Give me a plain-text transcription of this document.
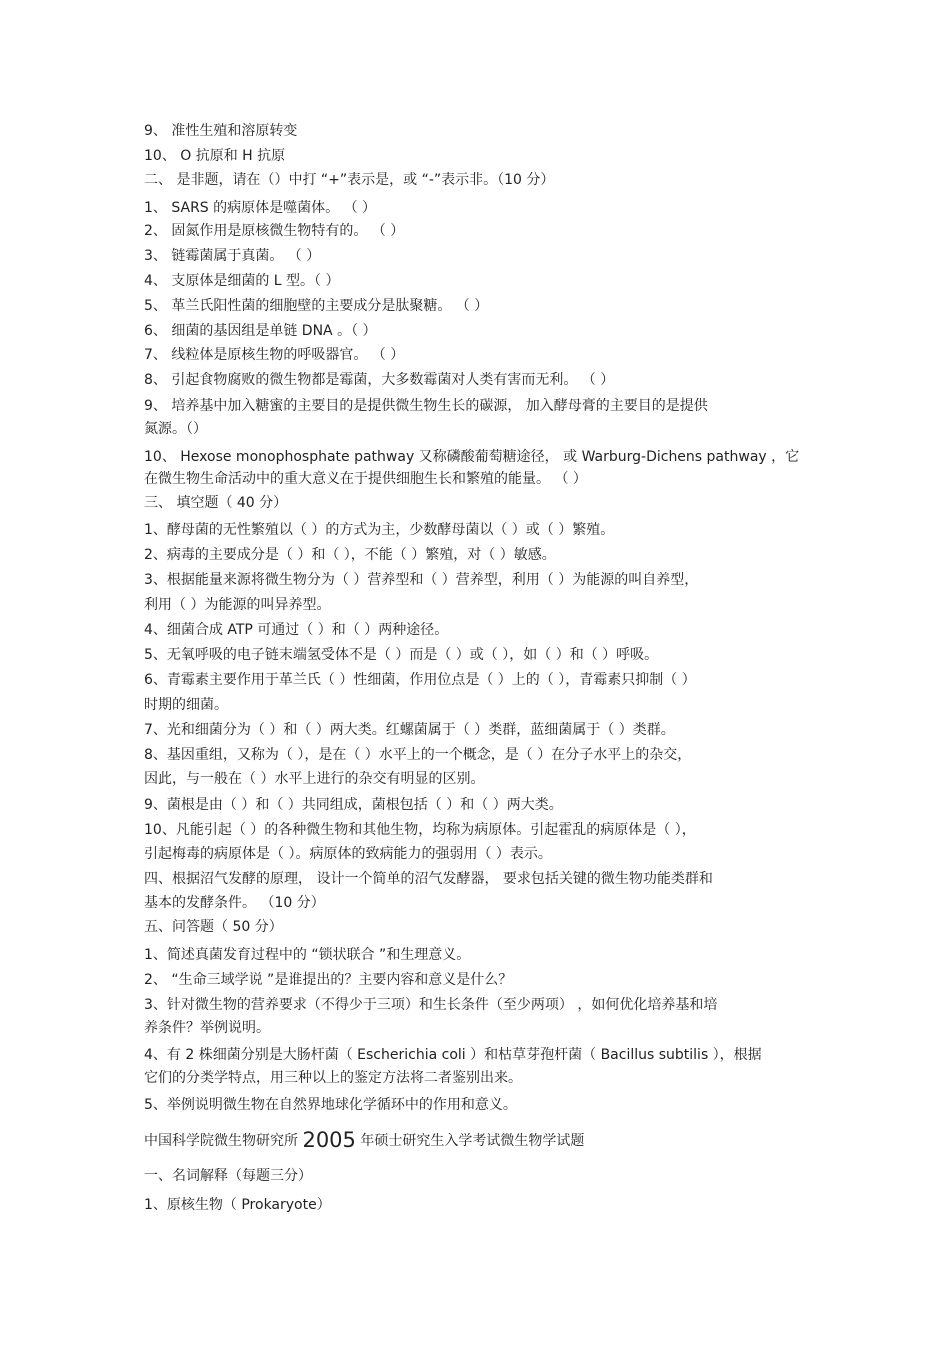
9、 准性生殖和溶原转变
10、 O 抗原和 H 抗原
二、 是非题，请在（）中打 “+”表示是，或 “-”表示非。（10 分）
1、 SARS 的病原体是噬菌体。 （ ）
2、 固氮作用是原核微生物特有的。 （ ）
3、 链霉菌属于真菌。 （ ）
4、 支原体是细菌的 L 型。（ ）
5、 革兰氏阳性菌的细胞壁的主要成分是肽聚糖。 （ ）
6、 细菌的基因组是单链 DNA 。（ ）
7、 线粒体是原核生物的呼吸器官。 （ ）
8、 引起食物腐败的微生物都是霉菌，大多数霉菌对人类有害而无利。 （ ）
9、 培养基中加入糖蜜的主要目的是提供微生物生长的碳源， 加入酵母膏的主要目的是提供
氮源。（）
10、 Hexose monophosphate pathway 又称磷酸葡萄糖途径， 或 Warburg-Dichens pathway ，它
在微生物生命活动中的重大意义在于提供细胞生长和繁殖的能量。 （ ）
三、 填空题（ 40 分）
1、酵母菌的无性繁殖以（ ）的方式为主，少数酵母菌以（ ）或（ ）繁殖。
2、病毒的主要成分是（ ）和（ ），不能（ ）繁殖，对（ ）敏感。
3、根据能量来源将微生物分为（ ）营养型和（ ）营养型，利用（ ）为能源的叫自养型，
利用（ ）为能源的叫异养型。
4、细菌合成 ATP 可通过（ ）和（ ）两种途径。
5、无氧呼吸的电子链末端氢受体不是（ ）而是（ ）或（ ），如（ ）和（ ）呼吸。
6、青霉素主要作用于革兰氏（ ）性细菌，作用位点是（ ）上的（ ），青霉素只抑制（ ）
时期的细菌。
7、光和细菌分为（ ）和（ ）两大类。红螺菌属于（ ）类群，蓝细菌属于（ ）类群。
8、基因重组，又称为（ ），是在（ ）水平上的一个概念，是（ ）在分子水平上的杂交，
因此，与一般在（ ）水平上进行的杂交有明显的区别。
9、菌根是由（ ）和（ ）共同组成，菌根包括（ ）和（ ）两大类。
10、凡能引起（ ）的各种微生物和其他生物，均称为病原体。引起霍乱的病原体是（ ），
引起梅毒的病原体是（ ）。病原体的致病能力的强弱用（ ）表示。
四、根据沼气发酵的原理， 设计一个简单的沼气发酵器， 要求包括关键的微生物功能类群和
基本的发酵条件。 （10 分）
五、问答题（ 50 分）
1、简述真菌发育过程中的 “锁状联合 ”和生理意义。
2、 “生命三域学说 ”是谁提出的？主要内容和意义是什么？
3、针对微生物的营养要求（不得少于三项）和生长条件（至少两项） ，如何优化培养基和培
养条件？举例说明。
4、有 2 株细菌分别是大肠杆菌（ Escherichia coli ）和枯草芽孢杆菌（ Bacillus subtilis ），根据
它们的分类学特点，用三种以上的鉴定方法将二者鉴别出来。
5、举例说明微生物在自然界地球化学循环中的作用和意义。
中国科学院微生物研究所 2005 年硕士研究生入学考试微生物学试题
一、名词解释（每题三分）
1、原核生物（ Prokaryote）
